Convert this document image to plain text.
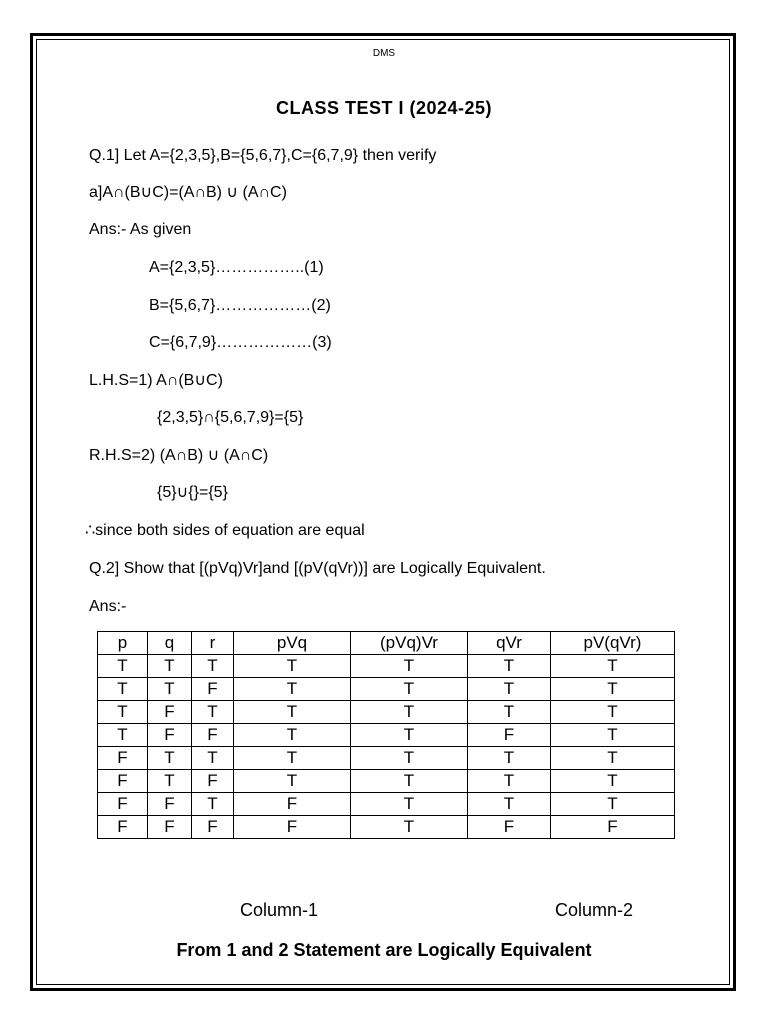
DMS
CLASS TEST I (2024-25)
Q.1] Let A={2,3,5},B={5,6,7},C={6,7,9} then verify
a]A∩(B∪C)=(A∩B) ∪ (A∩C)
Ans:- As given
A={2,3,5}……………..(1)
B={5,6,7}………………(2)
C={6,7,9}………………(3)
L.H.S=1) A∩(B∪C)
{2,3,5}∩{5,6,7,9}={5}
R.H.S=2) (A∩B) ∪ (A∩C)
{5}∪{}={5}
∴since both sides of equation are equal
Q.2] Show that [(pVq)Vr]and [(pV(qVr))] are Logically Equivalent.
Ans:-
p	q	r	pVq	(pVq)Vr	qVr	pV(qVr)
T	T	T	T	T	T	T
T	T	F	T	T	T	T
T	F	T	T	T	T	T
T	F	F	T	T	F	T
F	T	T	T	T	T	T
F	T	F	T	T	T	T
F	F	T	F	T	T	T
F	F	F	F	T	F	F
Column-1	Column-2
From 1 and 2 Statement are Logically Equivalent
